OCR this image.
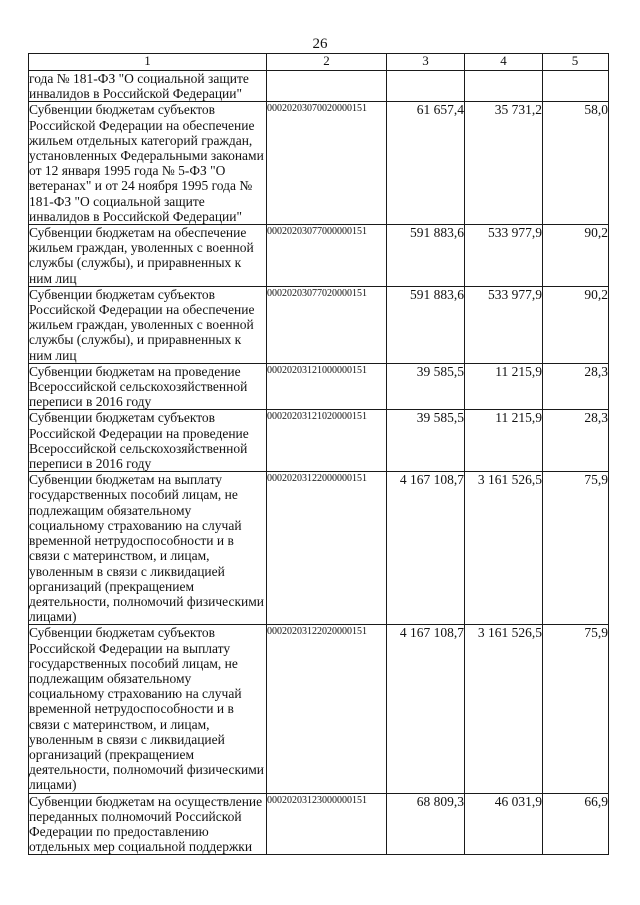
26
1	2	3	4	5
года № 181-ФЗ "О социальной защите инвалидов в Российской Федерации"				
Субвенции бюджетам субъектов Российской Федерации на обеспечение жильем отдельных категорий граждан, установленных Федеральными законами от 12 января 1995 года № 5-ФЗ "О ветеранах" и от 24 ноября 1995 года № 181-ФЗ "О социальной защите инвалидов в Российской Федерации"	00020203070020000151	61 657,4	35 731,2	58,0
Субвенции бюджетам на обеспечение жильем граждан, уволенных с военной службы (службы), и приравненных к ним лиц	00020203077000000151	591 883,6	533 977,9	90,2
Субвенции бюджетам субъектов Российской Федерации на обеспечение жильем граждан, уволенных с военной службы (службы), и приравненных к ним лиц	00020203077020000151	591 883,6	533 977,9	90,2
Субвенции бюджетам на проведение Всероссийской сельскохозяйственной переписи в 2016 году	00020203121000000151	39 585,5	11 215,9	28,3
Субвенции бюджетам субъектов Российской Федерации на проведение Всероссийской сельскохозяйственной переписи в 2016 году	00020203121020000151	39 585,5	11 215,9	28,3
Субвенции бюджетам на выплату государственных пособий лицам, не подлежащим обязательному социальному страхованию на случай временной нетрудоспособности и в связи с материнством, и лицам, уволенным в связи с ликвидацией организаций (прекращением деятельности, полномочий физическими лицами)	00020203122000000151	4 167 108,7	3 161 526,5	75,9
Субвенции бюджетам субъектов Российской Федерации на выплату государственных пособий лицам, не подлежащим обязательному социальному страхованию на случай временной нетрудоспособности и в связи с материнством, и лицам, уволенным в связи с ликвидацией организаций (прекращением деятельности, полномочий физическими лицами)	00020203122020000151	4 167 108,7	3 161 526,5	75,9
Субвенции бюджетам на осуществление переданных полномочий Российской Федерации по предоставлению отдельных мер социальной поддержки	00020203123000000151	68 809,3	46 031,9	66,9
